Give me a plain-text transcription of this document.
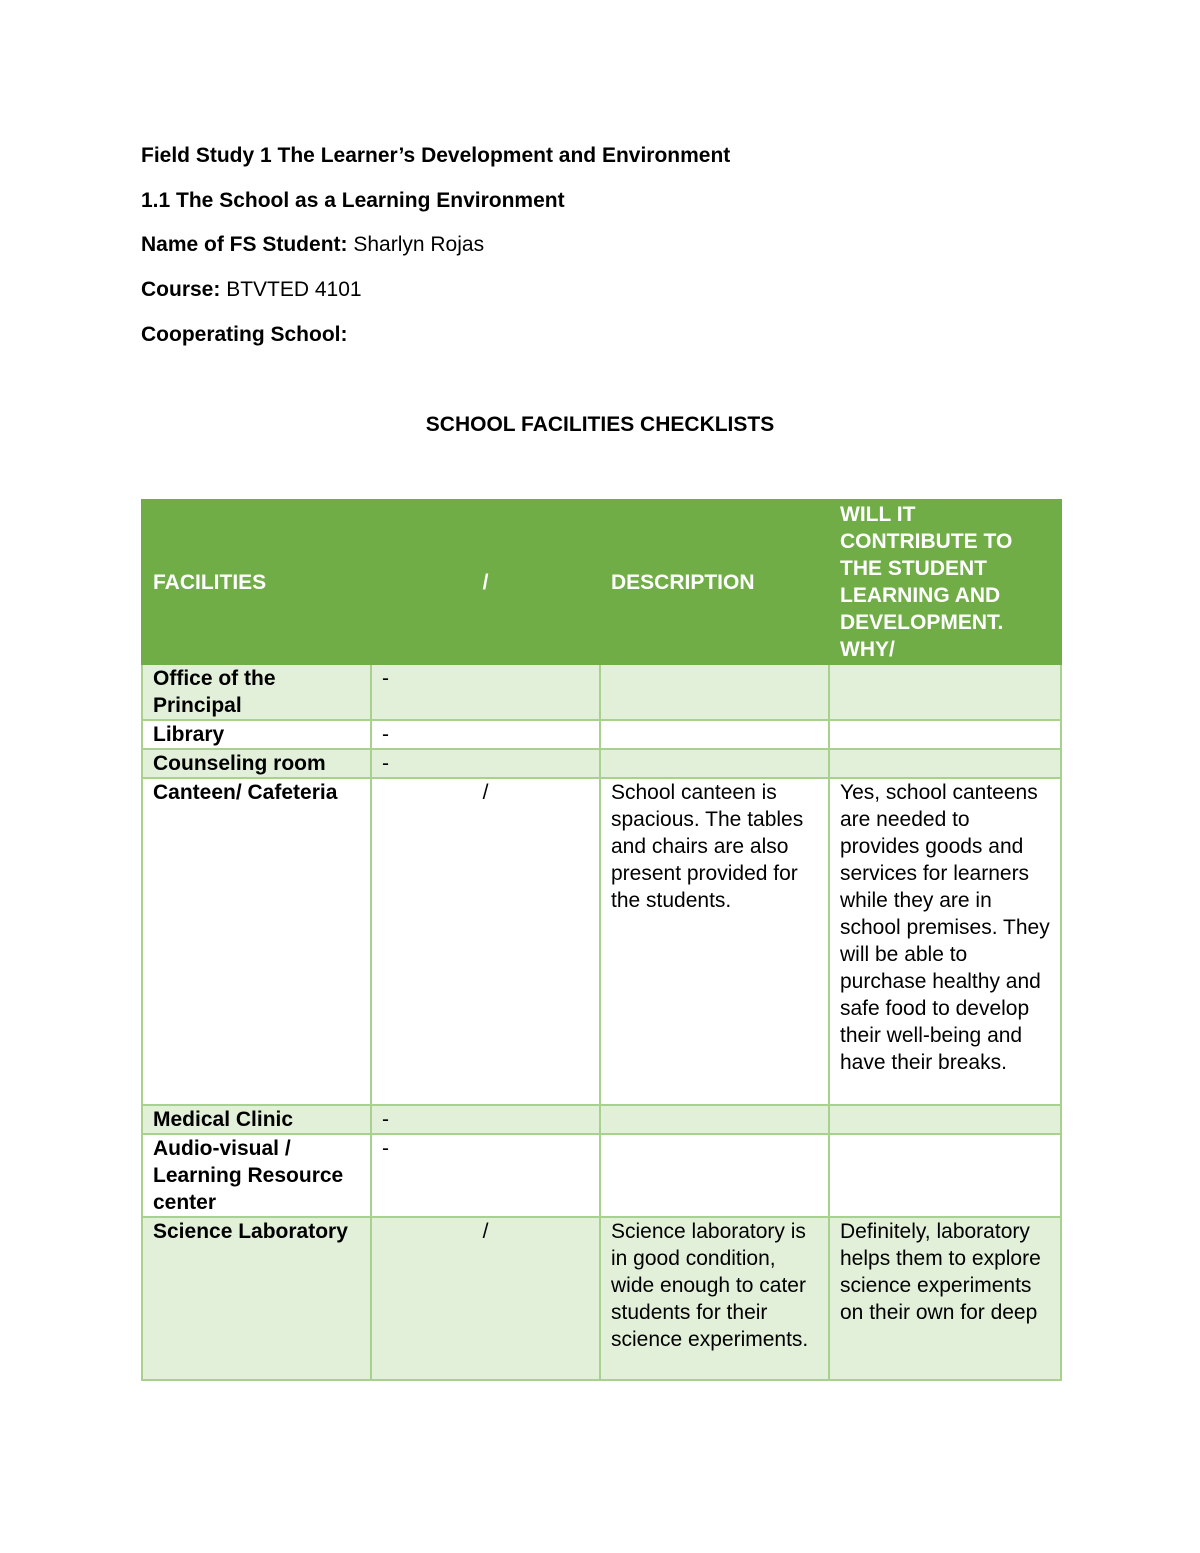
Field Study 1 The Learner’s Development and Environment
1.1 The School as a Learning Environment
Name of FS Student: Sharlyn Rojas
Course: BTVTED 4101
Cooperating School:
SCHOOL FACILITIES CHECKLISTS
FACILITIES	/	DESCRIPTION	WILL IT CONTRIBUTE TO THE STUDENT LEARNING AND DEVELOPMENT. WHY/
Office of the Principal	-		
Library	-		
Counseling room	-		
Canteen/ Cafeteria	/	School canteen is spacious. The tables and chairs are also present provided for the students.	Yes, school canteens are needed to provides goods and services for learners while they are in school premises. They will be able to purchase healthy and safe food to develop their well-being and have their breaks.
Medical Clinic	-		
Audio-visual / Learning Resource center	-		
Science Laboratory	/	Science laboratory is in good condition, wide enough to cater students for their science experiments.	Definitely, laboratory helps them to explore science experiments on their own for deep
